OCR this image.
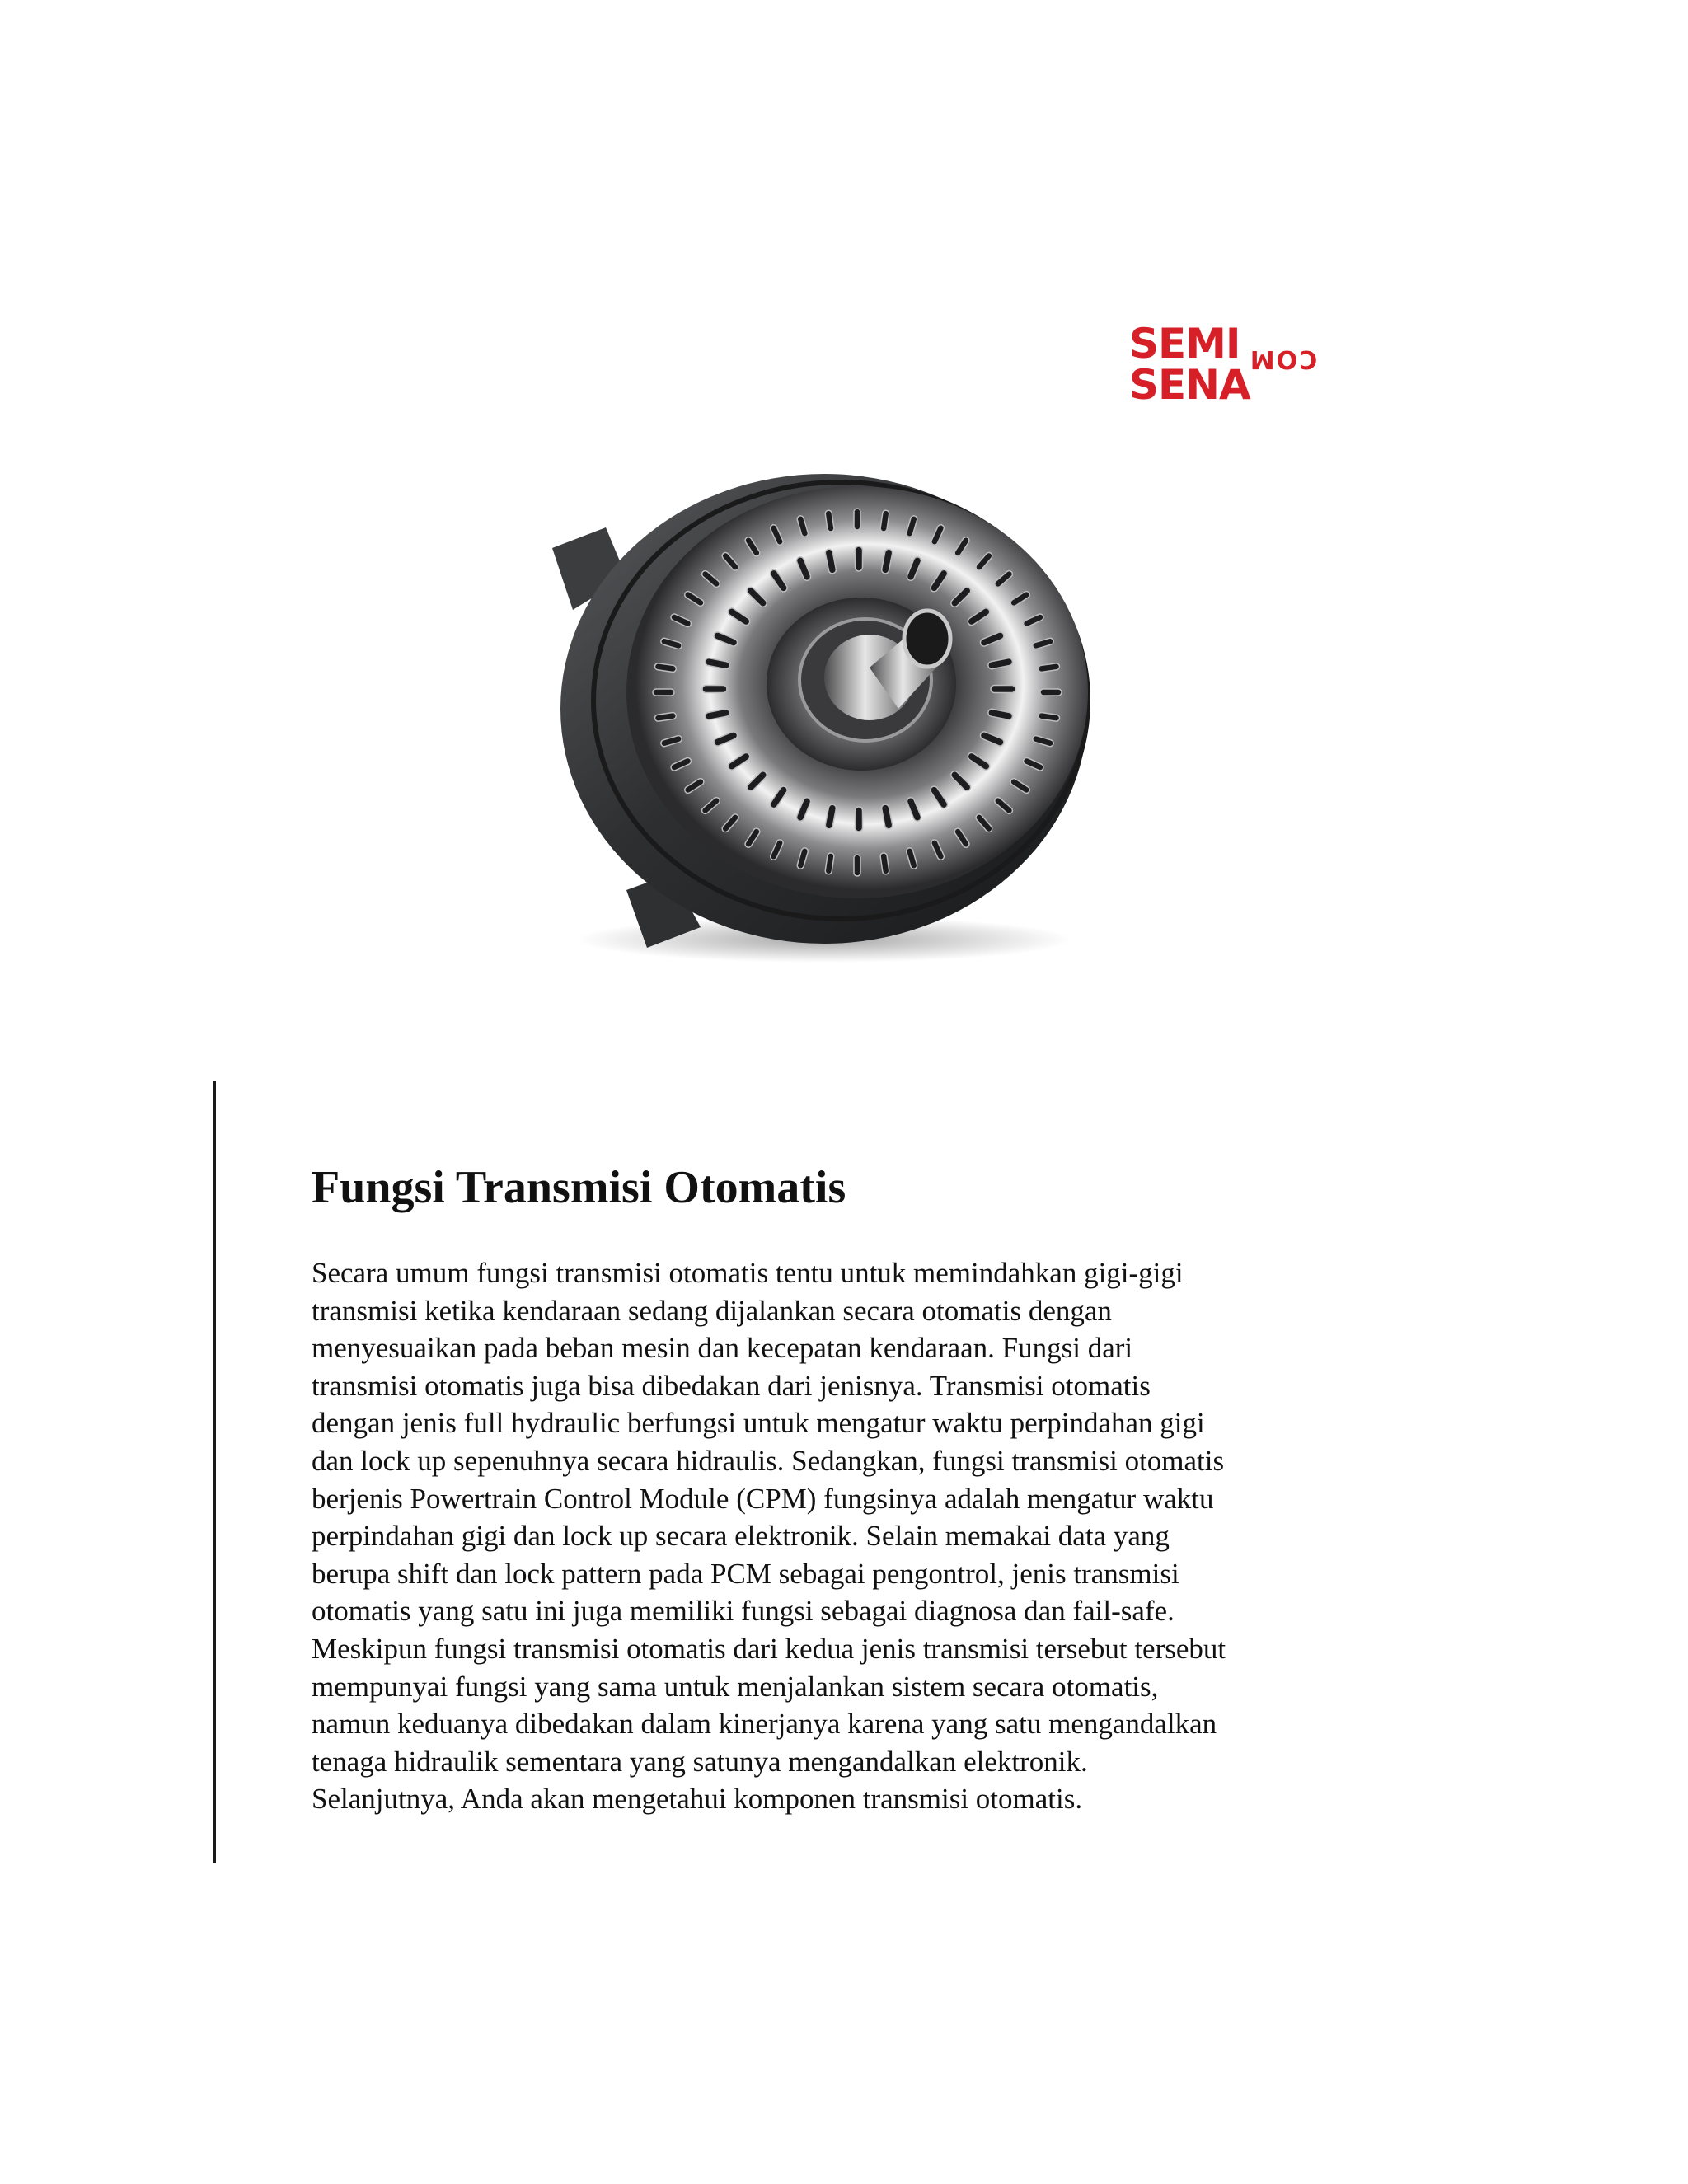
SEMI
SENA
COM
Fungsi Transmisi Otomatis
Secara umum fungsi transmisi otomatis tentu untuk memindahkan gigi-gigi
transmisi ketika kendaraan sedang dijalankan secara otomatis dengan
menyesuaikan pada beban mesin dan kecepatan kendaraan. Fungsi dari
transmisi otomatis juga bisa dibedakan dari jenisnya. Transmisi otomatis
dengan jenis full hydraulic berfungsi untuk mengatur waktu perpindahan gigi
dan lock up sepenuhnya secara hidraulis. Sedangkan, fungsi transmisi otomatis
berjenis Powertrain Control Module (CPM) fungsinya adalah mengatur waktu
perpindahan gigi dan lock up secara elektronik. Selain memakai data yang
berupa shift dan lock pattern pada PCM sebagai pengontrol, jenis transmisi
otomatis yang satu ini juga memiliki fungsi sebagai diagnosa dan fail-safe.
Meskipun fungsi transmisi otomatis dari kedua jenis transmisi tersebut tersebut
mempunyai fungsi yang sama untuk menjalankan sistem secara otomatis,
namun keduanya dibedakan dalam kinerjanya karena yang satu mengandalkan
tenaga hidraulik sementara yang satunya mengandalkan elektronik.
Selanjutnya, Anda akan mengetahui komponen transmisi otomatis.
